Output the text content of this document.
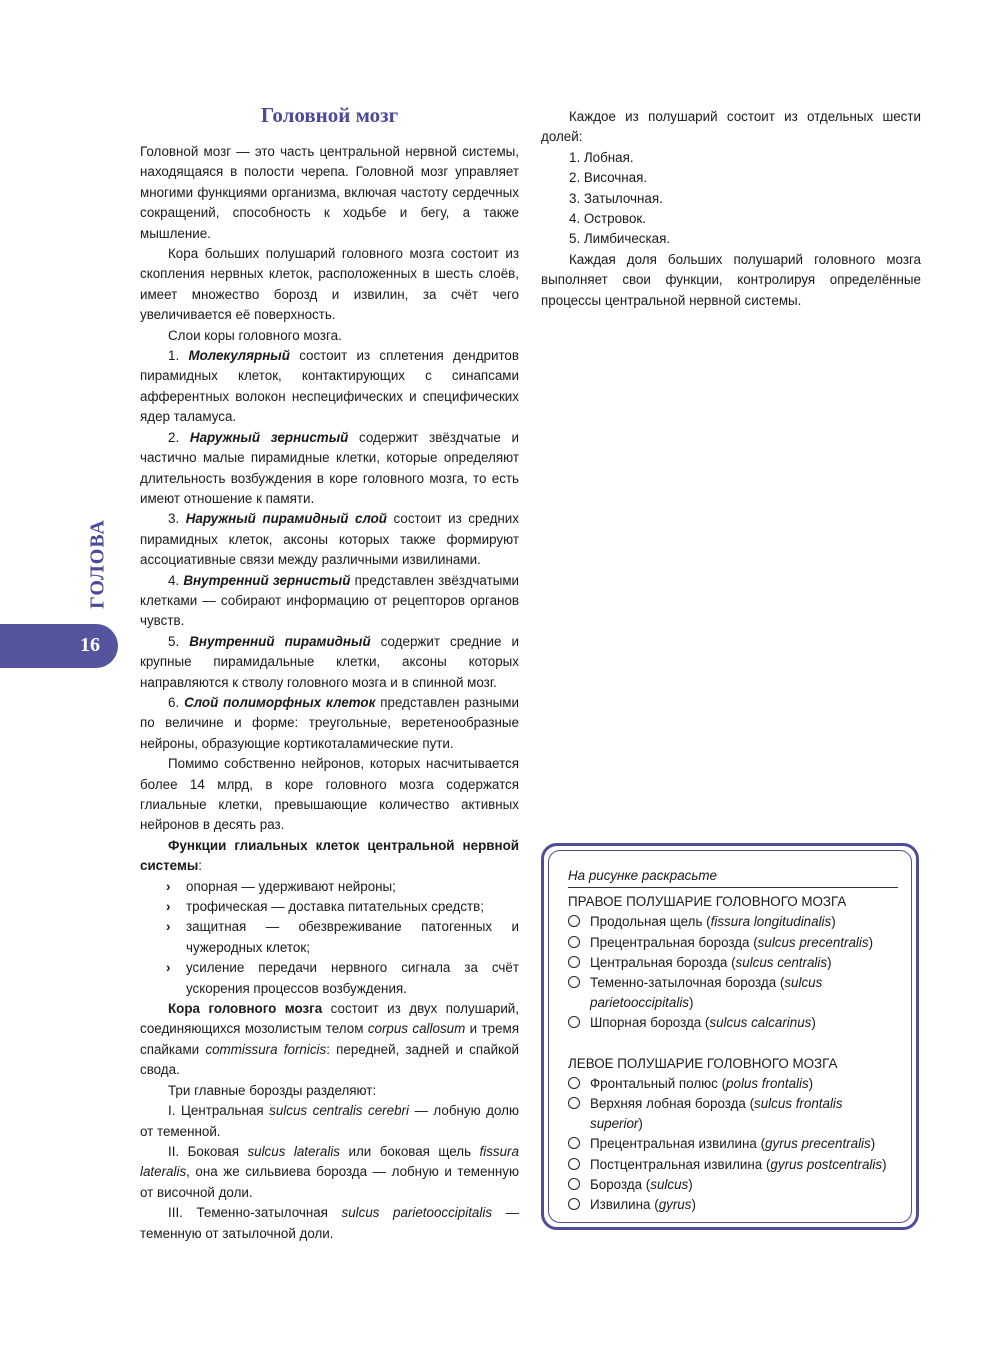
Головной мозг

Головной мозг — это часть центральной нервной системы, находящаяся в полости черепа. Головной мозг управляет многими функциями организма, включая частоту сердечных сокращений, способность к ходьбе и бегу, а также мышление.

Кора больших полушарий головного мозга состоит из скопления нервных клеток, расположенных в шесть слоёв, имеет множество борозд и извилин, за счёт чего увеличивается её поверхность.

Слои коры головного мозга.

1. Молекулярный состоит из сплетения дендритов пирамидных клеток, контактирующих с синапсами афферентных волокон неспецифических и специфических ядер таламуса.

2. Наружный зернистый содержит звёздчатые и частично малые пирамидные клетки, которые определяют длительность возбуждения в коре головного мозга, то есть имеют отношение к памяти.

3. Наружный пирамидный слой состоит из средних пирамидных клеток, аксоны которых также формируют ассоциативные связи между различными извилинами.

4. Внутренний зернистый представлен звёздчатыми клетками — собирают информацию от рецепторов органов чувств.

5. Внутренний пирамидный содержит средние и крупные пирамидальные клетки, аксоны которых направляются к стволу головного мозга и в спинной мозг.

6. Слой полиморфных клеток представлен разными по величине и форме: треугольные, веретенообразные нейроны, образующие кортикоталамические пути.

Помимо собственно нейронов, которых насчитывается более 14 млрд, в коре головного мозга содержатся глиальные клетки, превышающие количество активных нейронов в десять раз.

Функции глиальных клеток центральной нервной системы:

› опорная — удерживают нейроны;
› трофическая — доставка питательных средств;
› защитная — обезвреживание патогенных и чужеродных клеток;
› усиление передачи нервного сигнала за счёт ускорения процессов возбуждения.

Кора головного мозга состоит из двух полушарий, соединяющихся мозолистым телом corpus callosum и тремя спайками commissura fornicis: передней, задней и спайкой свода.

Три главные борозды разделяют:

I. Центральная sulcus centralis cerebri — лобную долю от теменной.

II. Боковая sulcus lateralis или боковая щель fissura lateralis, она же сильвиева борозда — лобную и теменную от височной доли.

III. Теменно-затылочная sulcus parietooccipitalis — теменную от затылочной доли.

Каждое из полушарий состоит из отдельных шести долей:

1. Лобная.
2. Височная.
3. Затылочная.
4. Островок.
5. Лимбическая.

Каждая доля больших полушарий головного мозга выполняет свои функции, контролируя определённые процессы центральной нервной системы.

ГОЛОВА
16
На рисунке раскрасьте
ПРАВОЕ ПОЛУШАРИЕ ГОЛОВНОГО МОЗГА
Продольная щель (fissura longitudinalis)
Прецентральная борозда (sulcus precentralis)
Центральная борозда (sulcus centralis)
Теменно-затылочная борозда (sulcus parietooccipitalis)
Шпорная борозда (sulcus calcarinus)
ЛЕВОЕ ПОЛУШАРИЕ ГОЛОВНОГО МОЗГА
Фронтальный полюс (polus frontalis)
Верхняя лобная борозда (sulcus frontalis superior)
Прецентральная извилина (gyrus precentralis)
Постцентральная извилина (gyrus postcentralis)
Борозда (sulcus)
Извилина (gyrus)
